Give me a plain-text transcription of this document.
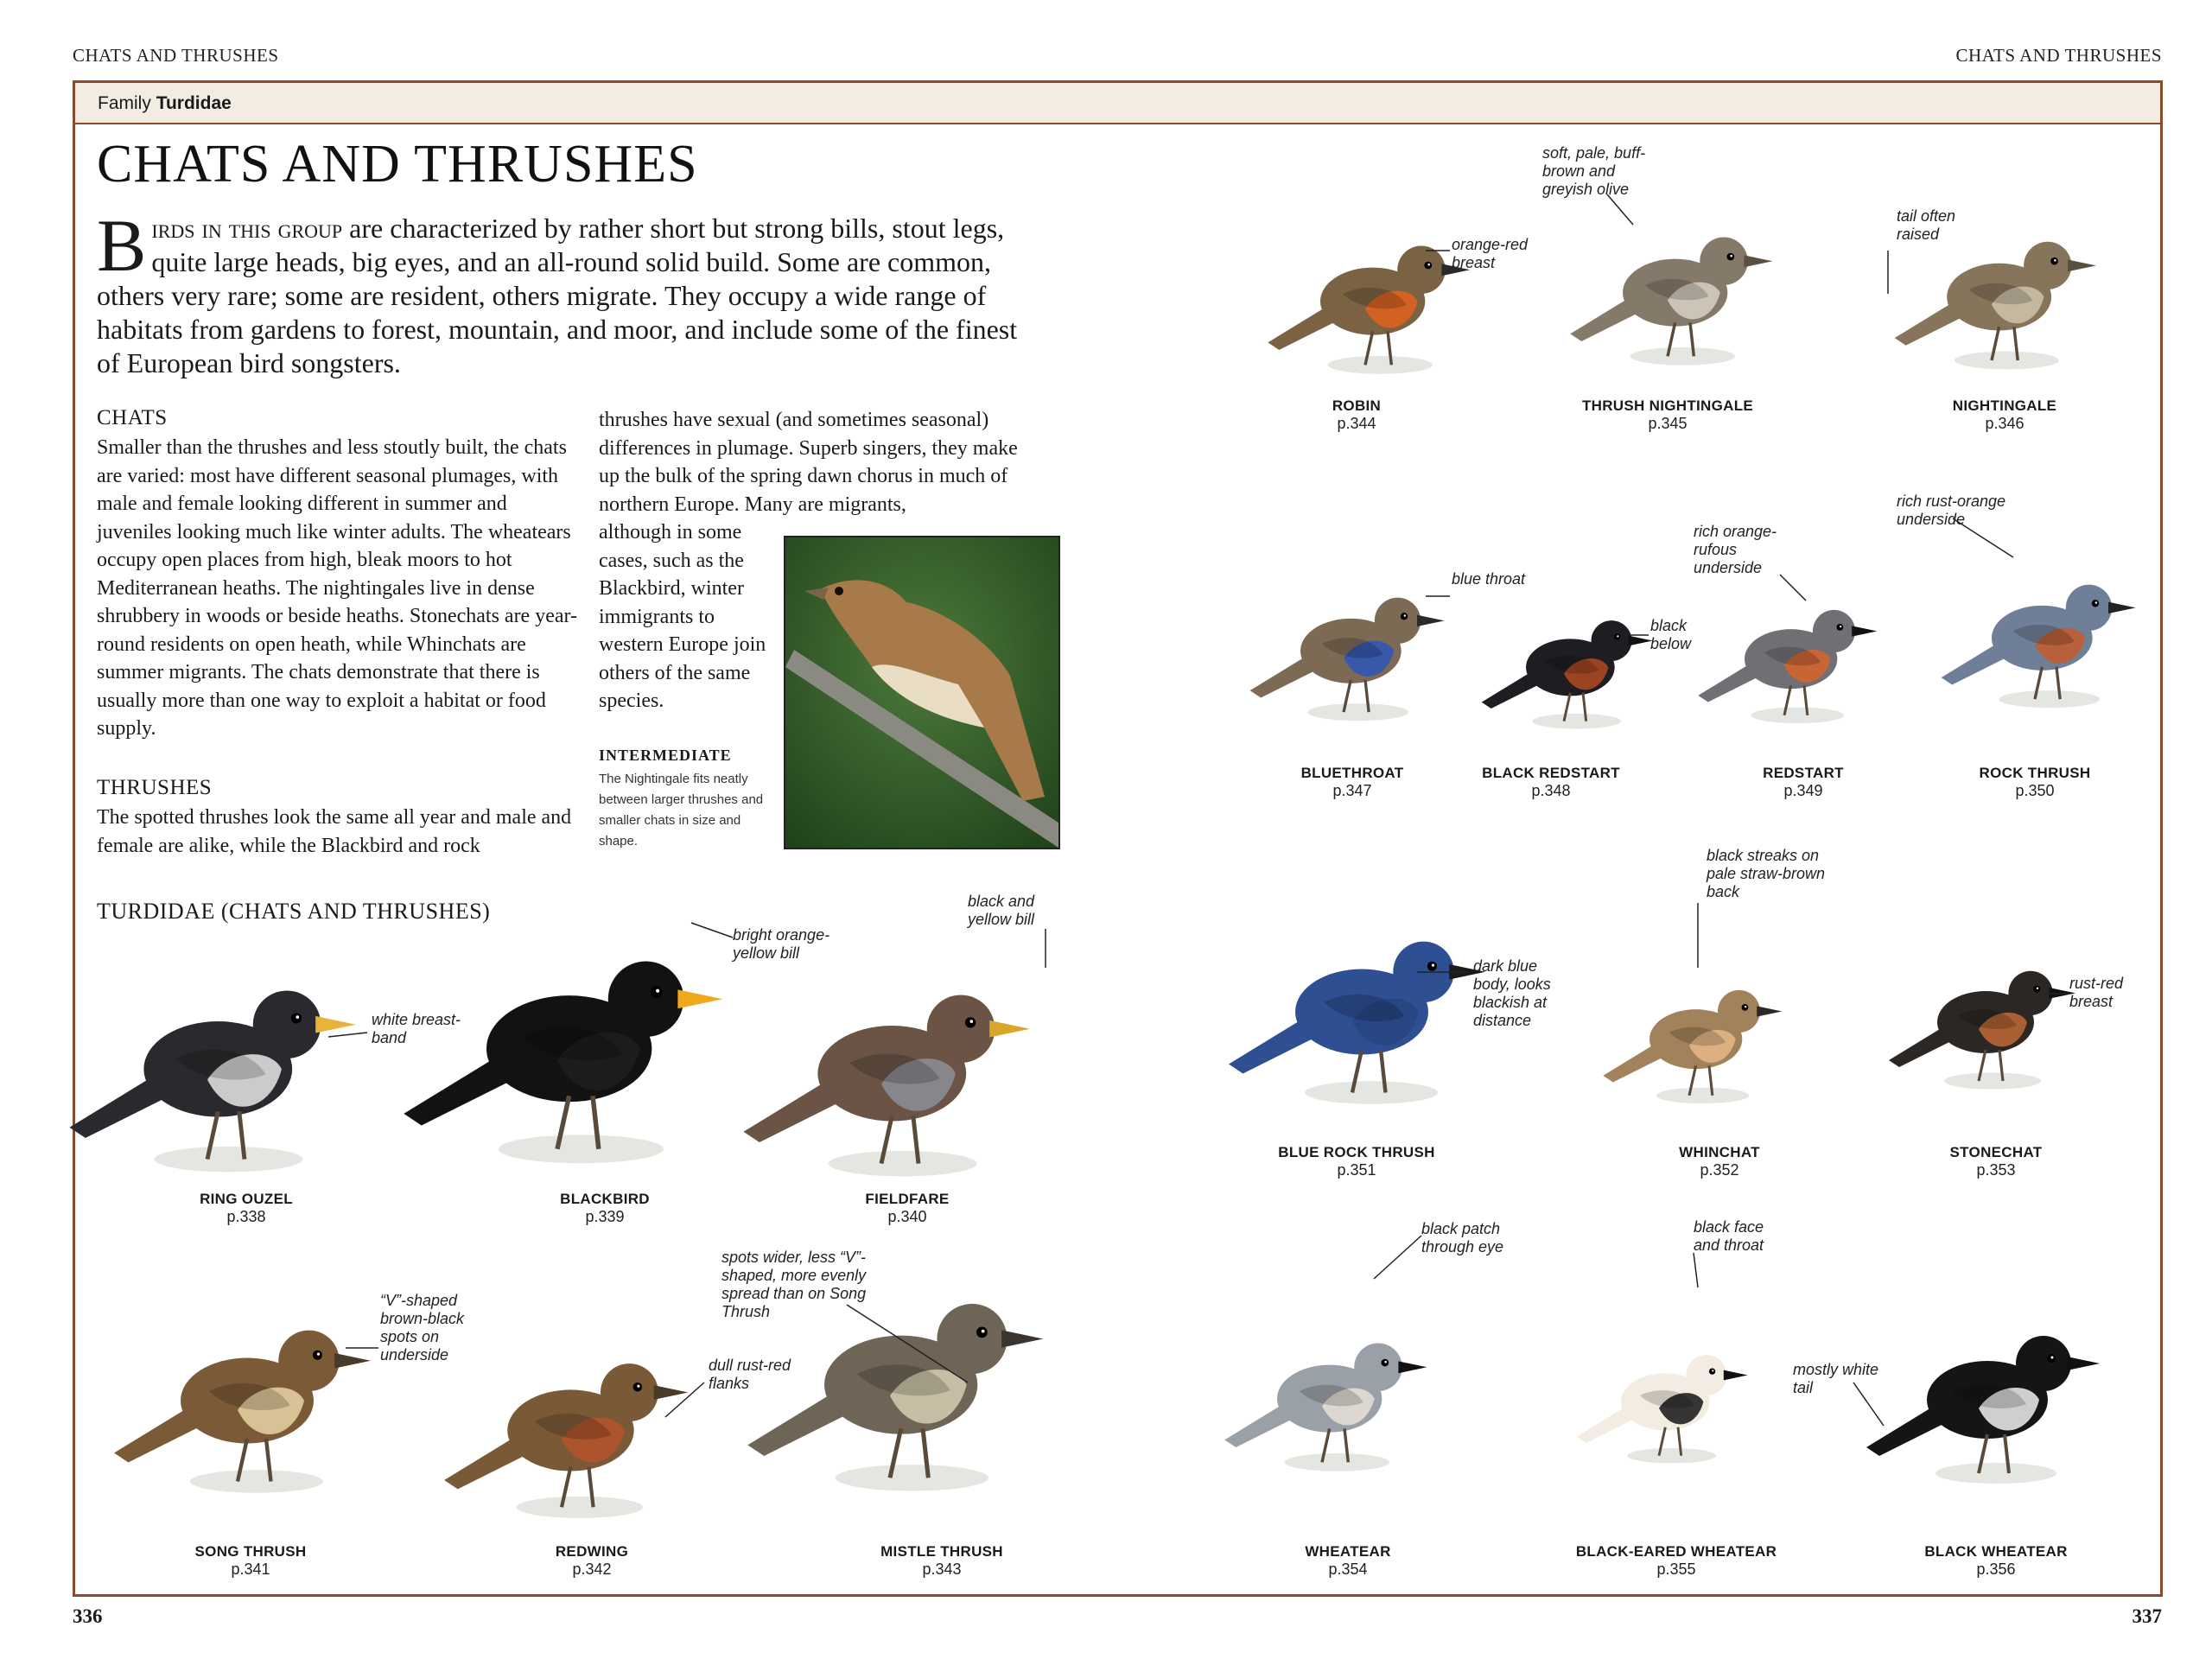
CHATS AND THRUSHES	CHATS AND THRUSHES
Family Turdidae
CHATS AND THRUSHES
Birds in this group are characterized by rather short but strong bills, stout legs, quite large heads, big eyes, and an all-round solid build. Some are common, others very rare; some are resident, others migrate. They occupy a wide range of habitats from gardens to forest, mountain, and moor, and include some of the finest of European bird songsters.
CHATS
Smaller than the thrushes and less stoutly built, the chats are varied: most have different seasonal plumages, with male and female looking different in summer and juveniles looking much like winter adults. The wheatears occupy open places from high, bleak moors to hot Mediterranean heaths. The nightingales live in dense shrubbery in woods or beside heaths. Stonechats are year-round residents on open heath, while Whinchats are summer migrants. The chats demonstrate that there is usually more than one way to exploit a habitat or food supply.
THRUSHES
The spotted thrushes look the same all year and male and female are alike, while the Blackbird and rock
thrushes have sexual (and sometimes seasonal) differences in plumage. Superb singers, they make up the bulk of the spring dawn chorus in much of northern Europe. Many are migrants,
although in some cases, such as the Blackbird, winter immigrants to western Europe join others of the same species.
INTERMEDIATE
The Nightingale fits neatly between larger thrushes and smaller chats in size and shape.
TURDIDAE (CHATS AND THRUSHES)
RING OUZEL
p.338
white breast-band
BLACKBIRD
p.339
bright orange-yellow bill
FIELDFARE
p.340
black and yellow bill
SONG THRUSH
p.341
“V”-shaped brown-black spots on underside
REDWING
p.342
dull rust-red flanks
MISTLE THRUSH
p.343
spots wider, less “V”-shaped, more evenly spread than on Song Thrush
ROBIN
p.344
orange-red breast
THRUSH NIGHTINGALE
p.345
soft, pale, buff-brown and greyish olive
NIGHTINGALE
p.346
tail often raised
BLUETHROAT
p.347
blue throat
BLACK REDSTART
p.348
black below
REDSTART
p.349
rich orange-rufous underside
ROCK THRUSH
p.350
rich rust-orange underside
BLUE ROCK THRUSH
p.351
dark blue body, looks blackish at distance
WHINCHAT
p.352
black streaks on pale straw-brown back
STONECHAT
p.353
rust-red breast
WHEATEAR
p.354
black patch through eye
BLACK-EARED WHEATEAR
p.355
black face and throat
BLACK WHEATEAR
p.356
mostly white tail
336	337
